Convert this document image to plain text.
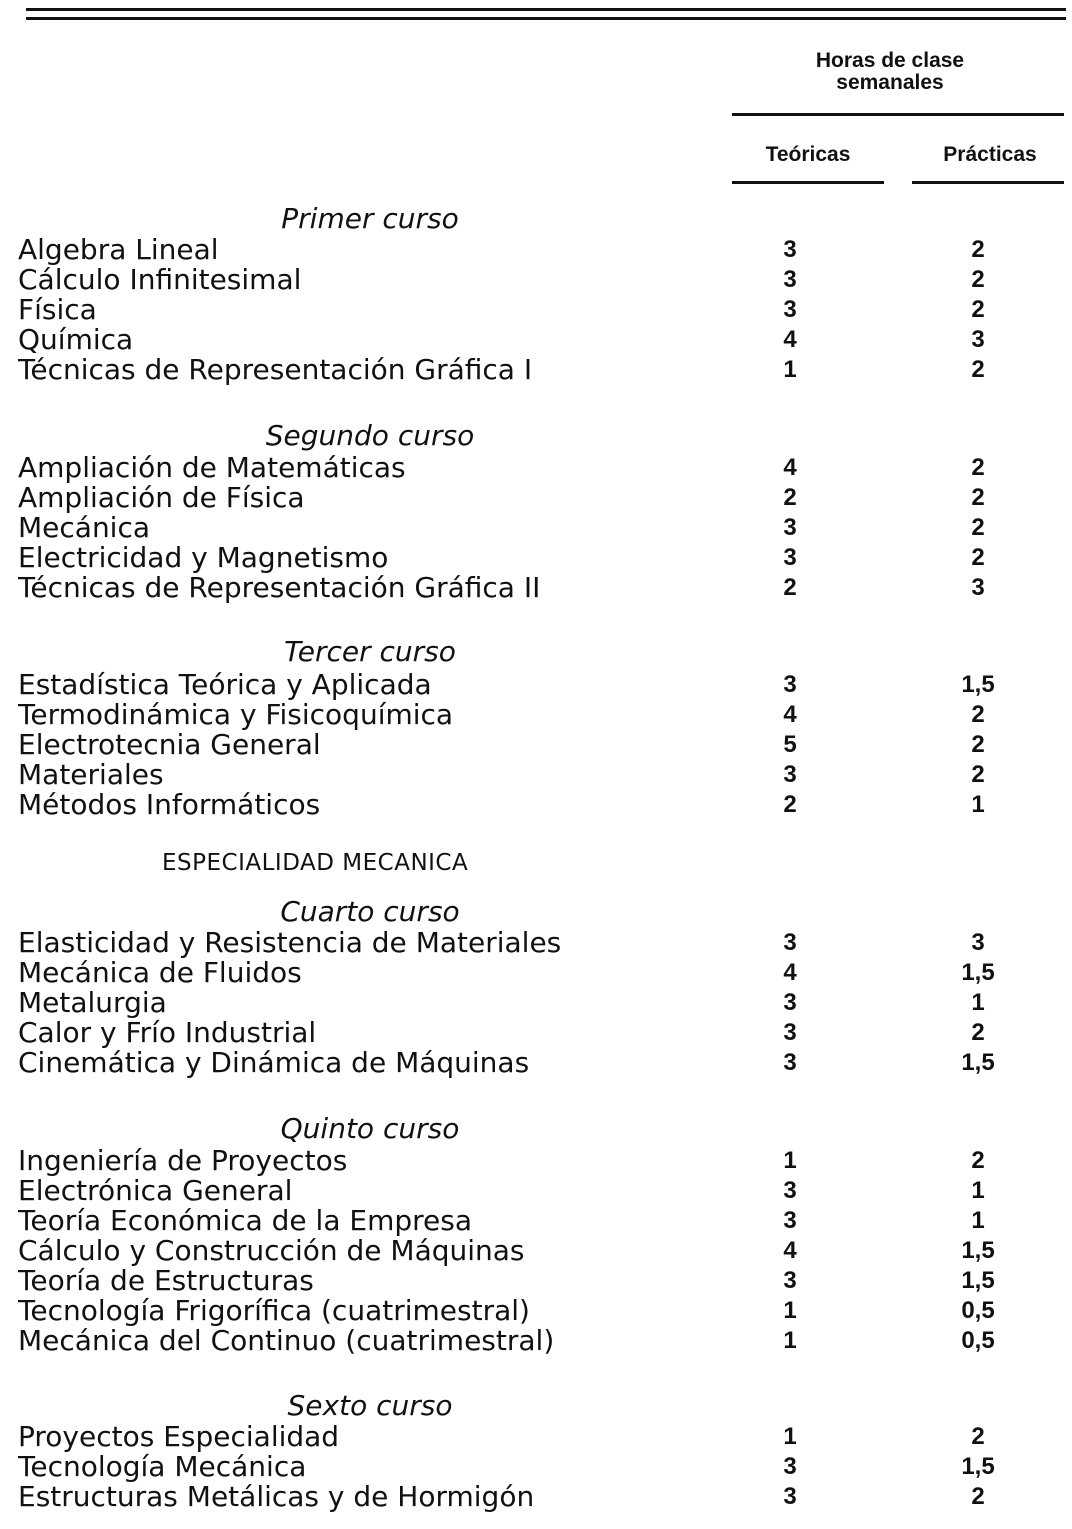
Horas de clase
semanales
Teóricas	Prácticas
Primer curso
Algebra Lineal	3	2
Cálculo Infinitesimal	3	2
Física	3	2
Química	4	3
Técnicas de Representación Gráfica I	1	2
Segundo curso
Ampliación de Matemáticas	4	2
Ampliación de Física	2	2
Mecánica	3	2
Electricidad y Magnetismo	3	2
Técnicas de Representación Gráfica II	2	3
Tercer curso
Estadística Teórica y Aplicada	3	1,5
Termodinámica y Fisicoquímica	4	2
Electrotecnia General	5	2
Materiales	3	2
Métodos Informáticos	2	1
ESPECIALIDAD MECANICA
Cuarto curso
Elasticidad y Resistencia de Materiales	3	3
Mecánica de Fluidos	4	1,5
Metalurgia	3	1
Calor y Frío Industrial	3	2
Cinemática y Dinámica de Máquinas	3	1,5
Quinto curso
Ingeniería de Proyectos	1	2
Electrónica General	3	1
Teoría Económica de la Empresa	3	1
Cálculo y Construcción de Máquinas	4	1,5
Teoría de Estructuras	3	1,5
Tecnología Frigorífica (cuatrimestral)	1	0,5
Mecánica del Continuo (cuatrimestral)	1	0,5
Sexto curso
Proyectos Especialidad	1	2
Tecnología Mecánica	3	1,5
Estructuras Metálicas y de Hormigón	3	2
